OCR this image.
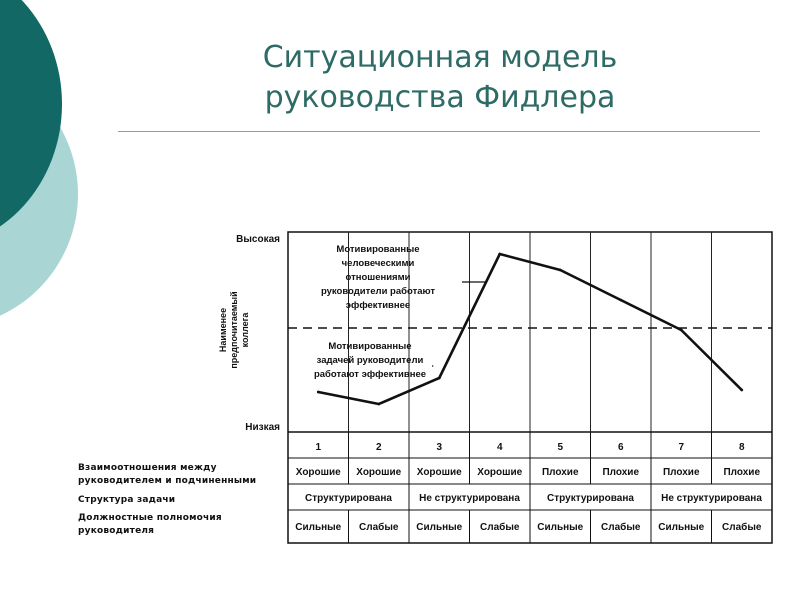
Ситуационная модель
руководства Фидлера
1	2	3	4	5	6	7	8
Хорошие Хорошие Хорошие Хорошие Плохие Плохие Плохие Плохие
Структурирована	Не структурирована	Структурирована	Не структурирована
Сильные Слабые Сильные Слабые Сильные Слабые Сильные Слабые
Высокая
Низкая
Наименеепредпочитаемыйколлега
Мотивированные
человеческими
отношениями
руководители работают
эффективнее
Мотивированные
задачей руководители
работают эффективнее
Взаимоотношения между
руководителем и подчиненными
Структура задачи
Должностные полномочия
руководителя
